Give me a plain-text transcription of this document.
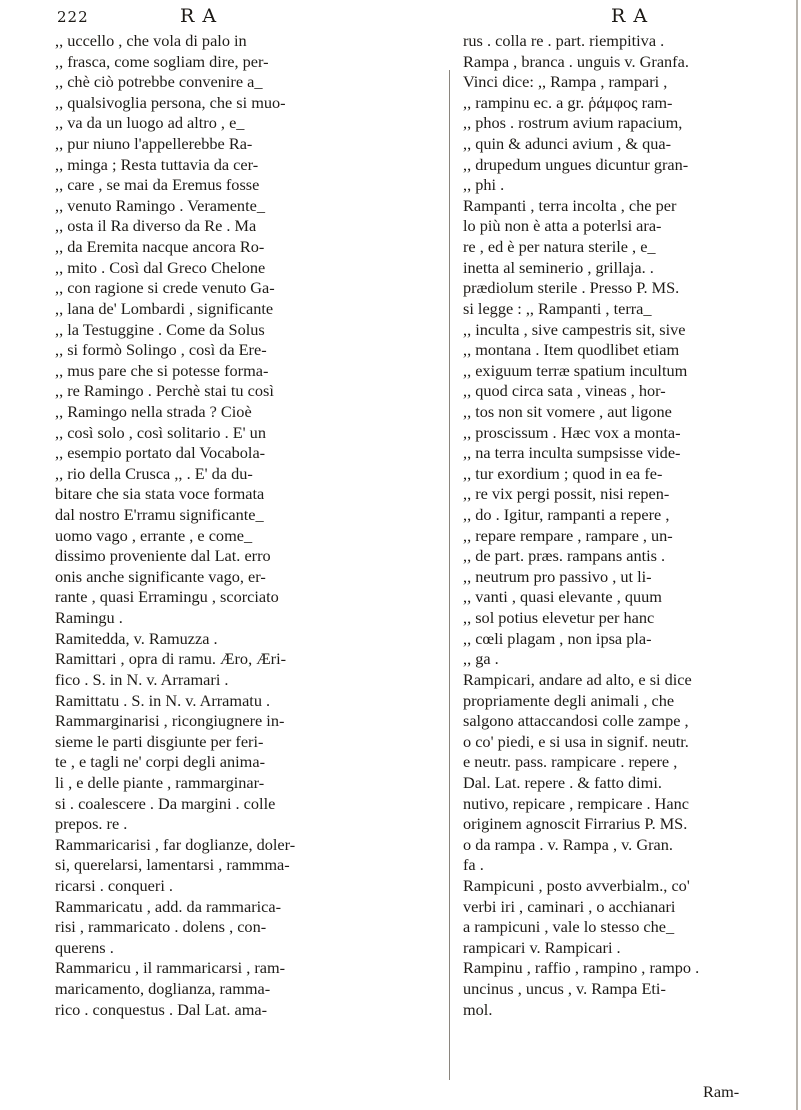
222	R A	R A
,, uccello , che vola di palo in
,, frasca, come sogliam dire, per-
,, chè ciò potrebbe convenire a_
,, qualsivoglia persona, che si muo-
,, va da un luogo ad altro , e_
,, pur niuno l'appellerebbe Ra-
,, minga ; Resta tuttavia da cer-
,, care , se mai da Eremus fosse
,, venuto Ramingo . Veramente_
,, osta il Ra diverso da Re . Ma
,, da Eremita nacque ancora Ro-
,, mito . Così dal Greco Chelone
,, con ragione si crede venuto Ga-
,, lana de' Lombardi , significante
,, la Testuggine . Come da Solus
,, si formò Solingo , così da Ere-
,, mus pare che si potesse forma-
,, re Ramingo . Perchè stai tu così
,, Ramingo nella strada ? Cioè
,, così solo , così solitario . E' un
,, esempio portato dal Vocabola-
,, rio della Crusca ,, . E' da du-
bitare che sia stata voce formata
dal nostro E'rramu significante_
uomo vago , errante , e come_
dissimo proveniente dal Lat. erro
onis anche significante vago, er-
rante , quasi Erramingu , scorciato
Ramingu .
Ramitedda, v. Ramuzza .
Ramittari , opra di ramu. Æro, Æri-
fico . S. in N. v. Arramari .
Ramittatu . S. in N. v. Arramatu .
Rammarginarisi , ricongiugnere in-
sieme le parti disgiunte per feri-
te , e tagli ne' corpi degli anima-
li , e delle piante , rammarginar-
si . coalescere . Da margini . colle
prepos. re .
Rammaricarisi , far doglianze, doler-
si, querelarsi, lamentarsi , rammma-
ricarsi . conqueri .
Rammaricatu , add. da rammarica-
risi , rammaricato . dolens , con-
querens .
Rammaricu , il rammaricarsi , ram-
maricamento, doglianza, ramma-
rico . conquestus . Dal Lat. ama-
rus . colla re . part. riempitiva .
Rampa , branca . unguis v. Granfa.
Vinci dice: ,, Rampa , rampari ,
,, rampinu ec. a gr. ῥάμφος ram-
,, phos . rostrum avium rapacium,
,, quin & adunci avium , & qua-
,, drupedum ungues dicuntur gran-
,, phi .
Rampanti , terra incolta , che per
lo più non è atta a poterlsi ara-
re , ed è per natura sterile , e_
inetta al seminerio , grillaja. .
prædiolum sterile . Presso P. MS.
si legge : ,, Rampanti , terra_
,, inculta , sive campestris sit, sive
,, montana . Item quodlibet etiam
,, exiguum terræ spatium incultum
,, quod circa sata , vineas , hor-
,, tos non sit vomere , aut ligone
,, proscissum . Hæc vox a monta-
,, na terra inculta sumpsisse vide-
,, tur exordium ; quod in ea fe-
,, re vix pergi possit, nisi repen-
,, do . Igitur, rampanti a repere ,
,, repare rempare , rampare , un-
,, de part. præs. rampans antis .
,, neutrum pro passivo , ut li-
,, vanti , quasi elevante , quum
,, sol potius elevetur per hanc
,, cœli plagam , non ipsa pla-
,, ga .
Rampicari, andare ad alto, e si dice
propriamente degli animali , che
salgono attaccandosi colle zampe ,
o co' piedi, e si usa in signif. neutr.
e neutr. pass. rampicare . repere ,
Dal. Lat. repere . & fatto dimi.
nutivo, repicare , rempicare . Hanc
originem agnoscit Firrarius P. MS.
o da rampa . v. Rampa , v. Gran.
fa .
Rampicuni , posto avverbialm., co'
verbi iri , caminari , o acchianari
a rampicuni , vale lo stesso che_
rampicari v. Rampicari .
Rampinu , raffio , rampino , rampo .
uncinus , uncus , v. Rampa Eti-
mol.
Ram-
